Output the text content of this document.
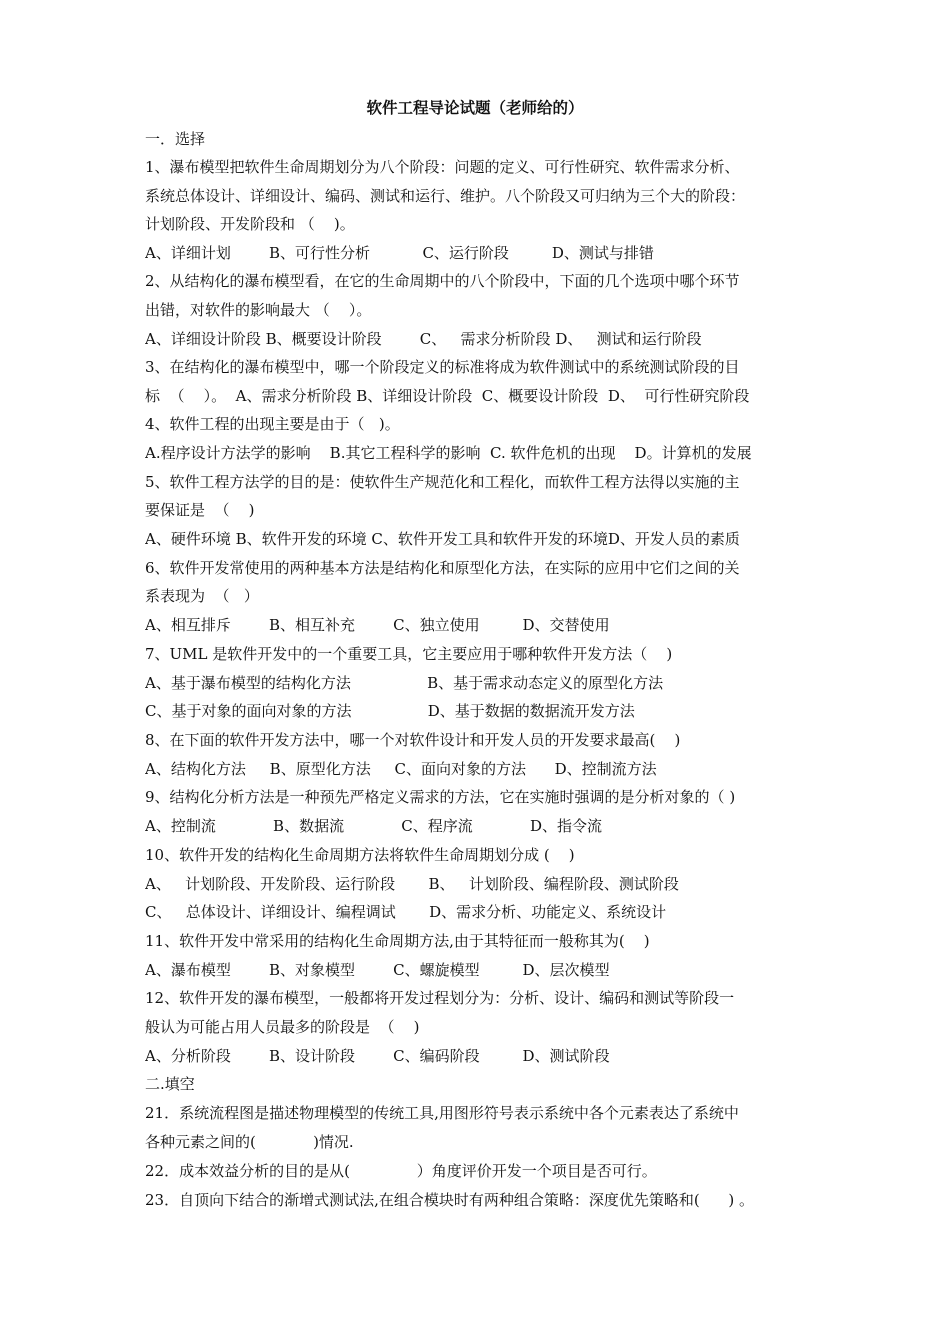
软件工程导论试题（老师给的）
一．选择
1、瀑布模型把软件生命周期划分为八个阶段：问题的定义、可行性研究、软件需求分析、
系统总体设计、详细设计、编码、测试和运行、维护。八个阶段又可归纳为三个大的阶段：
计划阶段、开发阶段和 （    )。
A、详细计划        B、可行性分析           C、运行阶段         D、测试与排错
2、从结构化的瀑布模型看，在它的生命周期中的八个阶段中，下面的几个选项中哪个环节
出错，对软件的影响最大 （    ）。
A、详细设计阶段 B、概要设计阶段        C、   需求分析阶段 D、   测试和运行阶段
3、在结构化的瀑布模型中，哪一个阶段定义的标准将成为软件测试中的系统测试阶段的目
标  （    ）。  A、需求分析阶段 B、详细设计阶段  C、概要设计阶段  D、  可行性研究阶段
4、软件工程的出现主要是由于（   )。
A.程序设计方法学的影响    B.其它工程科学的影响  C. 软件危机的出现    D。计算机的发展
5、软件工程方法学的目的是：使软件生产规范化和工程化，而软件工程方法得以实施的主
要保证是  （    )
A、硬件环境 B、软件开发的环境 C、软件开发工具和软件开发的环境D、开发人员的素质
6、软件开发常使用的两种基本方法是结构化和原型化方法，在实际的应用中它们之间的关
系表现为  （   ）
A、相互排斥        B、相互补充        C、独立使用         D、交替使用
7、UML 是软件开发中的一个重要工具，它主要应用于哪种软件开发方法（    )
A、基于瀑布模型的结构化方法                B、基于需求动态定义的原型化方法
C、基于对象的面向对象的方法                D、基于数据的数据流开发方法
8、在下面的软件开发方法中，哪一个对软件设计和开发人员的开发要求最高(    )
A、结构化方法     B、原型化方法     C、面向对象的方法      D、控制流方法
9、结构化分析方法是一种预先严格定义需求的方法，它在实施时强调的是分析对象的（ )
A、控制流            B、数据流            C、程序流            D、指令流
10、软件开发的结构化生命周期方法将软件生命周期划分成 (    )
A、   计划阶段、开发阶段、运行阶段       B、   计划阶段、编程阶段、测试阶段
C、   总体设计、详细设计、编程调试       D、需求分析、功能定义、系统设计
11、软件开发中常采用的结构化生命周期方法,由于其特征而一般称其为(    )
A、瀑布模型        B、对象模型        C、螺旋模型         D、层次模型
12、软件开发的瀑布模型，一般都将开发过程划分为：分析、设计、编码和测试等阶段一
般认为可能占用人员最多的阶段是  （    )
A、分析阶段        B、设计阶段        C、编码阶段         D、测试阶段
二.填空
21．系统流程图是描述物理模型的传统工具,用图形符号表示系统中各个元素表达了系统中
各种元素之间的(            )情况.
22．成本效益分析的目的是从(              ）角度评价开发一个项目是否可行。
23．自顶向下结合的渐增式测试法,在组合模块时有两种组合策略：深度优先策略和(      ) 。
